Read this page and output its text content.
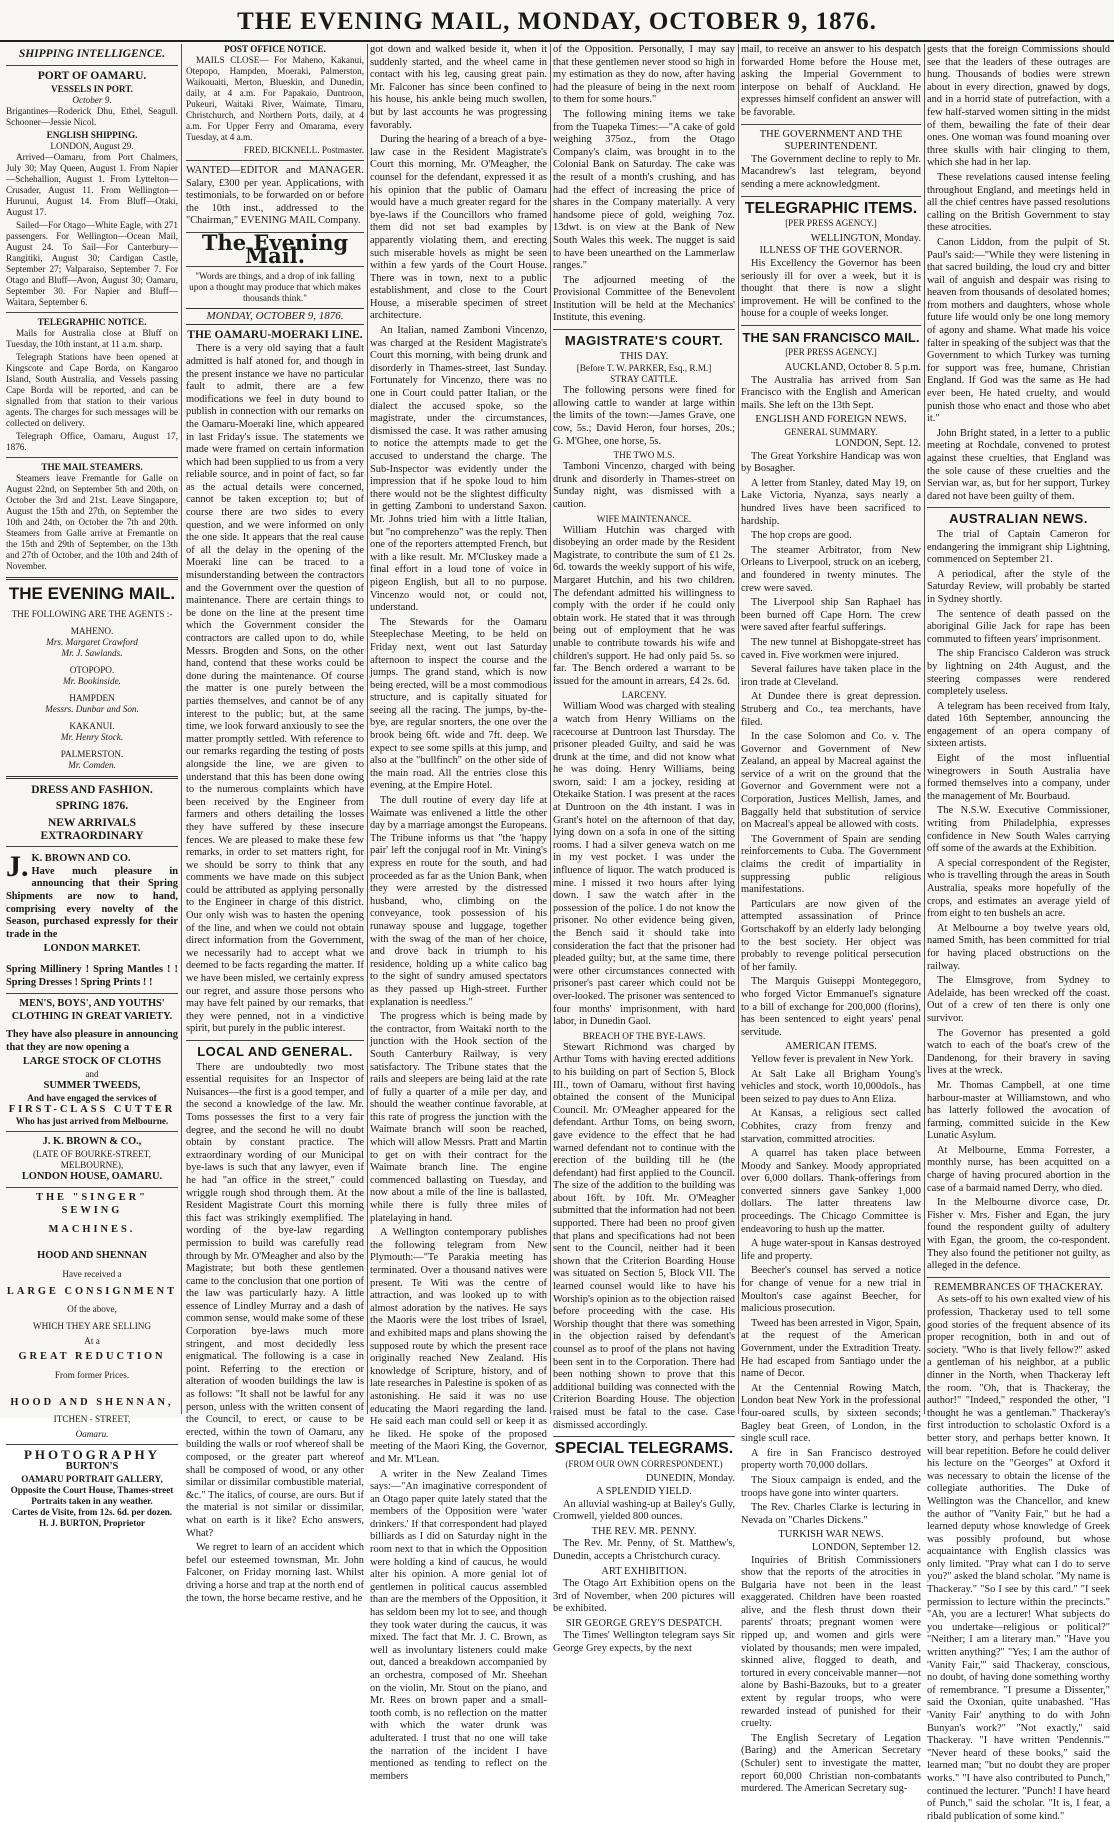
THE EVENING MAIL, MONDAY, OCTOBER 9, 1876.
SHIPPING INTELLIGENCE.
PORT OF OAMARU.
VESSELS IN PORT.
October 9.

Brigantines—Roderick Dhu, Ethel, Seagull. Schooner—Jessie Nicol.

ENGLISH SHIPPING.
LONDON, August 29.

Arrived—Oamaru, from Port Chalmers, July 30; May Queen, August 1. From Napier—Schehallion, August 1. From Lyttelton—Crusader, August 11. From Wellington—Hurunui, August 14. From Bluff—Otaki, August 17.

Sailed—For Otago—White Eagle, with 271 passengers. For Wellington—Ocean Mail, August 24. To Sail—For Canterbury—Rangitiki, August 30; Cardigan Castle, September 27; Valparaiso, September 7. For Otago and Bluff—Avon, August 30; Oamaru, September 30. For Napier and Bluff—Waitara, September 6.

TELEGRAPHIC NOTICE.

Mails for Australia close at Bluff on Tuesday, the 10th instant, at 11 a.m. sharp.

Telegraph Stations have been opened at Kingscote and Cape Borda, on Kangaroo Island, South Australia, and Vessels passing Cape Borda will be reported, and can be signalled from that station to their various agents. The charges for such messages will be collected on delivery.

Telegraph Office, Oamaru, August 17, 1876.

THE MAIL STEAMERS.

Steamers leave Fremantle for Galle on August 22nd, on September 5th and 20th, on October the 3rd and 21st. Leave Singapore, August the 15th and 27th, on September the 10th and 24th, on October the 7th and 20th. Steamers from Galle arrive at Fremantle on the 15th and 29th of September, on the 13th and 27th of October, and the 10th and 24th of November.

THE EVENING MAIL.
THE FOLLOWING ARE THE AGENTS :-
MAHENO.
Mrs. Margaret Crawford
Mr. J. Sawlands.
OTOPOPO.
Mr. Bookinside.
HAMPDEN
Messrs. Dunbar and Son.
KAKANUI.
Mr. Henry Stock.
PALMERSTON.
Mr. Comden.
DRESS AND FASHION.
SPRING 1876.
NEW ARRIVALS EXTRAORDINARY
J. K. BROWN AND CO.

Have much pleasure in announcing that their Spring Shipments are now to hand, comprising every novelty of the Season, purchased expressly for their trade in the

LONDON MARKET.

Spring Millinery ! Spring Mantles ! ! Spring Dresses ! Spring Prints ! !

MEN'S, BOYS', AND YOUTHS' CLOTHING IN GREAT VARIETY.

They have also pleasure in announcing that they are now opening a

LARGE STOCK OF CLOTHS
and
SUMMER TWEEDS,
And have engaged the services of
FIRST-CLASS CUTTER
Who has just arrived from Melbourne.
J. K. BROWN & CO.,
(LATE OF BOURKE-STREET, MELBOURNE),
LONDON HOUSE, OAMARU.
THE "SINGER" SEWING
MACHINES.
HOOD AND SHENNAN
Have received a
LARGE CONSIGNMENT
Of the above,
WHICH THEY ARE SELLING
At a
GREAT REDUCTION
From former Prices.
HOOD AND SHENNAN,
ITCHEN - STREET,
Oamaru.
PHOTOGRAPHY
BURTON'S
OAMARU PORTRAIT GALLERY,
Opposite the Court House, Thames-street
Portraits taken in any weather.
Cartes de Visite, from 12s. 6d. per dozen.
H. J. BURTON, Proprietor
POST OFFICE NOTICE.

MAILS CLOSE— For Maheno, Kakanui, Otepopo, Hampden, Moeraki, Palmerston, Waikouaiti, Merton, Blueskin, and Dunedin, daily, at 4 a.m. For Papakaio, Duntroon, Pukeuri, Waitaki River, Waimate, Timaru, Christchurch, and Northern Ports, daily, at 4 a.m. For Upper Ferry and Omarama, every Tuesday, at 4 a.m.

FRED. BICKNELL. Postmaster.

WANTED—EDITOR and MANAGER. Salary, £300 per year. Applications, with testimonials, to be forwarded on or before the 10th inst., addressed to the "Chairman," EVENING MAIL Company.

The Evening Mail.

"Words are things, and a drop of ink falling upon a thought may produce that which makes thousands think."

MONDAY, OCTOBER 9, 1876.
THE OAMARU-MOERAKI LINE.

There is a very old saying that a fault admitted is half atoned for, and though in the present instance we have no particular fault to admit, there are a few modifications we feel in duty bound to publish in connection with our remarks on the Oamaru-Moeraki line, which appeared in last Friday's issue. The statements we made were framed on certain information which had been supplied to us from a very reliable source, and in point of fact, so far as the actual details were concerned, cannot be taken exception to; but of course there are two sides to every question, and we were informed on only the one side. It appears that the real cause of all the delay in the opening of the Moeraki line can be traced to a misunderstanding between the contractors and the Government over the question of maintenance. There are certain things to be done on the line at the present time which the Government consider the contractors are called upon to do, while Messrs. Brogden and Sons, on the other hand, contend that these works could be done during the maintenance. Of course the matter is one purely between the parties themselves, and cannot be of any interest to the public; but, at the same time, we look forward anxiously to see the matter promptly settled. With reference to our remarks regarding the testing of posts alongside the line, we are given to understand that this has been done owing to the numerous complaints which have been received by the Engineer from farmers and others detailing the losses they have suffered by these insecure fences. We are pleased to make these few remarks, in order to set matters right, for we should be sorry to think that any comments we have made on this subject could be attributed as applying personally to the Engineer in charge of this district. Our only wish was to hasten the opening of the line, and when we could not obtain direct information from the Government, we necessarily had to accept what we deemed to be facts regarding the matter. If we have been misled, we certainly express our regret, and assure those persons who may have felt pained by our remarks, that they were penned, not in a vindictive spirit, but purely in the public interest.

LOCAL AND GENERAL.

There are undoubtedly two most essential requisites for an Inspector of Nuisances—the first is a good temper, and the second a knowledge of the law. Mr. Toms possesses the first to a very fair degree, and the second he will no doubt obtain by constant practice. The extraordinary wording of our Municipal bye-laws is such that any lawyer, even if he had "an office in the street," could wriggle rough shod through them. At the Resident Magistrate Court this morning this fact was strikingly exemplified. The wording of the bye-law regarding permission to build was carefully read through by Mr. O'Meagher and also by the Magistrate; but both these gentlemen came to the conclusion that one portion of the law was particularly hazy. A little essence of Lindley Murray and a dash of common sense, would make some of these Corporation bye-laws much more stringent, and most decidedly less enigmatical. The following is a case in point. Referring to the erection or alteration of wooden buildings the law is as follows: "It shall not be lawful for any person, unless with the written consent of the Council, to erect, or cause to be erected, within the town of Oamaru, any building the walls or roof whereof shall be composed, or the greater part whereof shall be composed of wood, or any other similar or dissimilar combustible material, &c." The italics, of course, are ours. But if the material is not similar or dissimilar, what on earth is it like? Echo answers, What?

We regret to learn of an accident which befel our esteemed townsman, Mr. John Falconer, on Friday morning last. Whilst driving a horse and trap at the north end of the town, the horse became restive, and he

got down and walked beside it, when it suddenly started, and the wheel came in contact with his leg, causing great pain. Mr. Falconer has since been confined to his house, his ankle being much swollen, but by last accounts he was progressing favorably.

During the hearing of a breach of a bye-law case in the Resident Magistrate's Court this morning, Mr. O'Meagher, the counsel for the defendant, expressed it as his opinion that the public of Oamaru would have a much greater regard for the bye-laws if the Councillors who framed them did not set bad examples by apparently violating them, and erecting such miserable hovels as might be seen within a few yards of the Court House. There was in town, next to a public establishment, and close to the Court House, a miserable specimen of street architecture.

An Italian, named Zamboni Vincenzo, was charged at the Resident Magistrate's Court this morning, with being drunk and disorderly in Thames-street, last Sunday. Fortunately for Vincenzo, there was no one in Court could patter Italian, or the dialect the accused spoke, so the magistrate, under the circumstances, dismissed the case. It was rather amusing to notice the attempts made to get the accused to understand the charge. The Sub-Inspector was evidently under the impression that if he spoke loud to him there would not be the slightest difficulty in getting Zamboni to understand Saxon. Mr. Johns tried him with a little Italian, but "no comprehenzo" was the reply. Then one of the reporters attempted French, but with a like result. Mr. M'Cluskey made a final effort in a loud tone of voice in pigeon English, but all to no purpose. Vincenzo would not, or could not, understand.

The Stewards for the Oamaru Steeplechase Meeting, to be held on Friday next, went out last Saturday afternoon to inspect the course and the jumps. The grand stand, which is now being erected, will be a most commodious structure, and is capitally situated for seeing all the racing. The jumps, by-the-bye, are regular snorters, the one over the brook being 6ft. wide and 7ft. deep. We expect to see some spills at this jump, and also at the "bullfinch" on the other side of the main road. All the entries close this evening, at the Empire Hotel.

The dull routine of every day life at Waimate was enlivened a little the other day by a marriage amongst the Europeans. The Tribune informs us that "the 'happy pair' left the conjugal roof in Mr. Vining's express en route for the south, and had proceeded as far as the Union Bank, when they were arrested by the distressed husband, who, climbing on the conveyance, took possession of his runaway spouse and luggage, together with the swag of the man of her choice, and drove back in triumph to his residence, holding up a white calico bag to the sight of sundry amused spectators as they passed up High-street. Further explanation is needless."

The progress which is being made by the contractor, from Waitaki north to the junction with the Hook section of the South Canterbury Railway, is very satisfactory. The Tribune states that the rails and sleepers are being laid at the rate of fully a quarter of a mile per day, and should the weather continue favorable, at this rate of progress the junction with the Waimate branch will soon be reached, which will allow Messrs. Pratt and Martin to get on with their contract for the Waimate branch line. The engine commenced ballasting on Tuesday, and now about a mile of the line is ballasted, while there is fully three miles of platelaying in hand.

A Wellington contemporary publishes the following telegram from New Plymouth:—"Te Parakia meeting has terminated. Over a thousand natives were present. Te Witi was the centre of attraction, and was looked up to with almost adoration by the natives. He says the Maoris were the lost tribes of Israel, and exhibited maps and plans showing the supposed route by which the present race originally reached New Zealand. His knowledge of Scripture, history, and of late researches in Palestine is spoken of as astonishing. He said it was no use educating the Maori regarding the land. He said each man could sell or keep it as he liked. He spoke of the proposed meeting of the Maori King, the Governor, and Mr. M'Lean.

A writer in the New Zealand Times says:—"An imaginative correspondent of an Otago paper quite lately stated that the members of the Opposition were 'water drinkers.' If that correspondent had played billiards as I did on Saturday night in the room next to that in which the Opposition were holding a kind of caucus, he would alter his opinion. A more genial lot of gentlemen in political caucus assembled than are the members of the Opposition, it has seldom been my lot to see, and though they took water during the caucus, it was mixed. The fact that Mr. J. C. Brown, as well as involuntary listeners could make out, danced a breakdown accompanied by an orchestra, composed of Mr. Sheehan on the violin, Mr. Stout on the piano, and Mr. Rees on brown paper and a small-tooth comb, is no reflection on the matter with which the water drunk was adulterated. I trust that no one will take the narration of the incident I have mentioned as tending to reflect on the members

of the Opposition. Personally, I may say that these gentlemen never stood so high in my estimation as they do now, after having had the pleasure of being in the next room to them for some hours."

The following mining items we take from the Tuapeka Times:—"A cake of gold weighing 375oz., from the Otago Company's claim, was brought in to the Colonial Bank on Saturday. The cake was the result of a month's crushing, and has had the effect of increasing the price of shares in the Company materially. A very handsome piece of gold, weighing 7oz. 13dwt. is on view at the Bank of New South Wales this week. The nugget is said to have been unearthed on the Lammerlaw ranges."

The adjourned meeting of the Provisional Committee of the Benevolent Institution will be held at the Mechanics' Institute, this evening.

MAGISTRATE'S COURT.
THIS DAY.
[Before T. W. PARKER, Esq., R.M.]
STRAY CATTLE.

The following persons were fined for allowing cattle to wander at large within the limits of the town:—James Grave, one cow, 5s.; David Heron, four horses, 20s.; G. M'Ghee, one horse, 5s.

THE TWO M.S.

Tamboni Vincenzo, charged with being drunk and disorderly in Thames-street on Sunday night, was dismissed with a caution.

WIFE MAINTENANCE.

William Hutchin was charged with disobeying an order made by the Resident Magistrate, to contribute the sum of £1 2s. 6d. towards the weekly support of his wife, Margaret Hutchin, and his two children. The defendant admitted his willingness to comply with the order if he could only obtain work. He stated that it was through being out of employment that he was unable to contribute towards his wife and children's support. He had only paid 5s. so far. The Bench ordered a warrant to be issued for the amount in arrears, £4 2s. 6d.

LARCENY.

William Wood was charged with stealing a watch from Henry Williams on the racecourse at Duntroon last Thursday. The prisoner pleaded Guilty, and said he was drunk at the time, and did not know what he was doing. Henry Williams, being sworn, said: I am a jockey, residing at Otekaike Station. I was present at the races at Duntroon on the 4th instant. I was in Grant's hotel on the afternoon of that day, lying down on a sofa in one of the sitting rooms. I had a silver geneva watch on me in my vest pocket. I was under the influence of liquor. The watch produced is mine. I missed it two hours after lying down. I saw the watch after in the possession of the police. I do not know the prisoner. No other evidence being given, the Bench said it should take into consideration the fact that the prisoner had pleaded guilty; but, at the same time, there were other circumstances connected with prisoner's past career which could not be over-looked. The prisoner was sentenced to four months' imprisonment, with hard labor, in Dunedin Gaol.

BREACH OF THE BYE-LAWS.

Stewart Richmond was charged by Arthur Toms with having erected additions to his building on part of Section 5, Block III., town of Oamaru, without first having obtained the consent of the Municipal Council. Mr. O'Meagher appeared for the defendant. Arthur Toms, on being sworn, gave evidence to the effect that he had warned defendant not to continue with the erection of the building till he (the defendant) had first applied to the Council. The size of the addition to the building was about 16ft. by 10ft. Mr. O'Meagher submitted that the information had not been supported. There had been no proof given that plans and specifications had not been sent to the Council, neither had it been shown that the Criterion Boarding House was situated on Section 5, Block VII. The learned counsel would like to have his Worship's opinion as to the objection raised before proceeding with the case. His Worship thought that there was something in the objection raised by defendant's counsel as to proof of the plans not having been sent in to the Corporation. There had been nothing shown to prove that this additional building was connected with the Criterion Boarding House. The objection raised must be fatal to the case. Case dismissed accordingly.

SPECIAL TELEGRAMS.
(FROM OUR OWN CORRESPONDENT.)
DUNEDIN, Monday.
A SPLENDID YIELD.

An alluvial washing-up at Bailey's Gully, Cromwell, yielded 800 ounces.

THE REV. MR. PENNY.

The Rev. Mr. Penny, of St. Matthew's, Dunedin, accepts a Christchurch curacy.

ART EXHIBITION.

The Otago Art Exhibition opens on the 3rd of November, when 200 pictures will be exhibited.

SIR GEORGE GREY'S DESPATCH.

The Times' Wellington telegram says Sir George Grey expects, by the next

mail, to receive an answer to his despatch forwarded Home before the House met, asking the Imperial Government to interpose on behalf of Auckland. He expresses himself confident an answer will be favorable.

THE GOVERNMENT AND THE SUPERINTENDENT.

The Government decline to reply to Mr. Macandrew's last telegram, beyond sending a mere acknowledgment.

TELEGRAPHIC ITEMS.
[PER PRESS AGENCY.]
WELLINGTON, Monday.
ILLNESS OF THE GOVERNOR.

His Excellency the Governor has been seriously ill for over a week, but it is thought that there is now a slight improvement. He will be confined to the house for a couple of weeks longer.

THE SAN FRANCISCO MAIL.
[PER PRESS AGENCY.]
AUCKLAND, October 8. 5 p.m.

The Australia has arrived from San Francisco with the English and American mails. She left on the 13th Sept.

ENGLISH AND FOREIGN NEWS.
GENERAL SUMMARY.
LONDON, Sept. 12.

The Great Yorkshire Handicap was won by Bosagher.

A letter from Stanley, dated May 19, on Lake Victoria, Nyanza, says nearly a hundred lives have been sacrificed to hardship.

The hop crops are good.

The steamer Arbitrator, from New Orleans to Liverpool, struck on an iceberg, and foundered in twenty minutes. The crew were saved.

The Liverpool ship San Raphael has been burned off Cape Horn. The crew were saved after fearful sufferings.

The new tunnel at Bishopgate-street has caved in. Five workmen were injured.

Several failures have taken place in the iron trade at Cleveland.

At Dundee there is great depression. Struberg and Co., tea merchants, have filed.

In the case Solomon and Co. v. The Governor and Government of New Zealand, an appeal by Macreal against the service of a writ on the ground that the Governor and Government were not a Corporation, Justices Mellish, James, and Baggally held that substitution of service on Macreal's appeal be allowed with costs.

The Government of Spain are sending reinforcements to Cuba. The Government claims the credit of impartiality in suppressing public religious manifestations.

Particulars are now given of the attempted assassination of Prince Gortschakoff by an elderly lady belonging to the best society. Her object was probably to revenge political persecution of her family.

The Marquis Guiseppi Montegegoro, who forged Victor Emmanuel's signature to a bill of exchange for 200,000 (florins), has been sentenced to eight years' penal servitude.

AMERICAN ITEMS.

Yellow fever is prevalent in New York.

At Salt Lake all Brigham Young's vehicles and stock, worth 10,000dols., has been seized to pay dues to Ann Eliza.

At Kansas, a religious sect called Cobhites, crazy from frenzy and starvation, committed atrocities.

A quarrel has taken place between Moody and Sankey. Moody appropriated over 6,000 dollars. Thank-offerings from converted sinners gave Sankey 1,000 dollars. The latter threatens law proceedings. The Chicago Committee is endeavoring to hush up the matter.

A huge water-spout in Kansas destroyed life and property.

Beecher's counsel has served a notice for change of venue for a new trial in Moulton's case against Beecher, for malicious prosecution.

Tweed has been arrested in Vigor, Spain, at the request of the American Government, under the Extradition Treaty. He had escaped from Santiago under the name of Decor.

At the Centennial Rowing Match, London beat New York in the professional four-oared sculls, by sixteen seconds; Bagley beat Green, of London, in the single scull race.

A fire in San Francisco destroyed property worth 70,000 dollars.

The Sioux campaign is ended, and the troops have gone into winter quarters.

The Rev. Charles Clarke is lecturing in Nevada on "Charles Dickens."

TURKISH WAR NEWS.
LONDON, September 12.

Inquiries of British Commissioners show that the reports of the atrocities in Bulgaria have not been in the least exaggerated. Children have been roasted alive, and the flesh thrust down their parents' throats; pregnant women were ripped up, and women and girls were violated by thousands; men were impaled, skinned alive, flogged to death, and tortured in every conceivable manner—not alone by Bashi-Bazouks, but to a greater extent by regular troops, who were rewarded instead of punished for their cruelty.

The English Secretary of Legation (Baring) and the American Secretary (Schuler) sent to investigate the matter, report 60,000 Christian non-combatants murdered. The American Secretary sug-

gests that the foreign Commissions should see that the leaders of these outrages are hung. Thousands of bodies were strewn about in every direction, gnawed by dogs, and in a horrid state of putrefaction, with a few half-starved women sitting in the midst of them, bewailing the fate of their dear ones. One woman was found moaning over three skulls with hair clinging to them, which she had in her lap.

These revelations caused intense feeling throughout England, and meetings held in all the chief centres have passed resolutions calling on the British Government to stay these atrocities.

Canon Liddon, from the pulpit of St. Paul's said:—"While they were listening in that sacred building, the loud cry and bitter wail of anguish and despair was rising to heaven from thousands of desolated homes; from mothers and daughters, whose whole future life would only be one long memory of agony and shame. What made his voice falter in speaking of the subject was that the Government to which Turkey was turning for support was free, humane, Christian England. If God was the same as He had ever been, He hated cruelty, and would punish those who enact and those who abet it."

John Bright stated, in a letter to a public meeting at Rochdale, convened to protest against these cruelties, that England was the sole cause of these cruelties and the Servian war, as, but for her support, Turkey dared not have been guilty of them.

AUSTRALIAN NEWS.

The trial of Captain Cameron for endangering the immigrant ship Lightning, commenced on September 21.

A periodical, after the style of the Saturday Review, will probably be started in Sydney shortly.

The sentence of death passed on the aboriginal Gilie Jack for rape has been commuted to fifteen years' imprisonment.

The ship Francisco Calderon was struck by lightning on 24th August, and the steering compasses were rendered completely useless.

A telegram has been received from Italy, dated 16th September, announcing the engagement of an opera company of sixteen artists.

Eight of the most influential winegrowers in South Australia have formed themselves into a company, under the management of Mr. Bourbaud.

The N.S.W. Executive Commissioner, writing from Philadelphia, expresses confidence in New South Wales carrying off some of the awards at the Exhibition.

A special correspondent of the Register, who is travelling through the areas in South Australia, speaks more hopefully of the crops, and estimates an average yield of from eight to ten bushels an acre.

At Melbourne a boy twelve years old, named Smith, has been committed for trial for having placed obstructions on the railway.

The Elmsgrove, from Sydney to Adelaide, has been wrecked off the coast. Out of a crew of ten there is only one survivor.

The Governor has presented a gold watch to each of the boat's crew of the Dandenong, for their bravery in saving lives at the wreck.

Mr. Thomas Campbell, at one time harbour-master at Williamstown, and who has latterly followed the avocation of farming, committed suicide in the Kew Lunatic Asylum.

At Melbourne, Emma Forrester, a monthly nurse, has been acquitted on a charge of having procured abortion in the case of a barmaid named Derry, who died.

In the Melbourne divorce case, Dr. Fisher v. Mrs. Fisher and Egan, the jury found the respondent guilty of adultery with Egan, the groom, the co-respondent. They also found the petitioner not guilty, as alleged in the defence.

REMEMBRANCES OF THACKERAY.

As sets-off to his own exalted view of his profession, Thackeray used to tell some good stories of the frequent absence of its proper recognition, both in and out of society. "Who is that lively fellow?" asked a gentleman of his neighbor, at a public dinner in the North, when Thackeray left the room. "Oh, that is Thackeray, the author!" "Indeed," responded the other, "I thought he was a gentleman." Thackeray's first introduction to scholastic Oxford is a better story, and perhaps better known. It will bear repetition. Before he could deliver his lecture on the "Georges" at Oxford it was necessary to obtain the license of the collegiate authorities. The Duke of Wellington was the Chancellor, and knew the author of "Vanity Fair," but he had a learned deputy whose knowledge of Greek was possibly profound, but whose acquaintance with English classics was only limited. "Pray what can I do to serve you?" asked the bland scholar. "My name is Thackeray." "So I see by this card." "I seek permission to lecture within the precincts." "Ah, you are a lecturer! What subjects do you undertake—religious or political?" "Neither; I am a literary man." "Have you written anything?" "Yes; I am the author of 'Vanity Fair,'" said Thackeray, conscious, no doubt, of having done something worthy of remembrance. "I presume a Dissenter," said the Oxonian, quite unabashed. "Has 'Vanity Fair' anything to do with John Bunyan's work?" "Not exactly," said Thackeray. "I have written 'Pendennis.'" "Never heard of these books," said the learned man; "but no doubt they are proper works." "I have also contributed to Punch," continued the lecturer. "Punch! I have heard of Punch," said the scholar. "It is, I fear, a ribald publication of some kind."
